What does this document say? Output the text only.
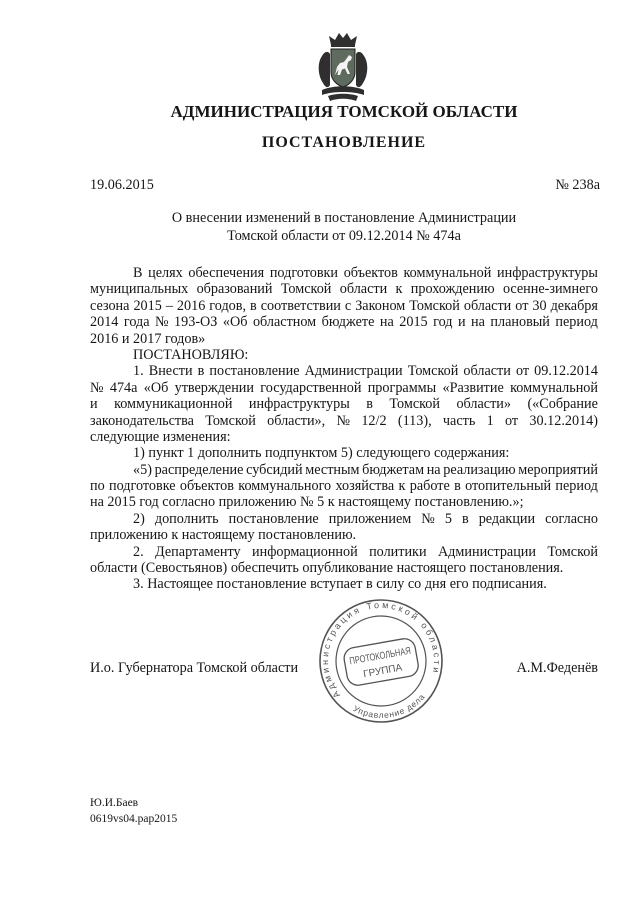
АДМИНИСТРАЦИЯ ТОМСКОЙ ОБЛАСТИ
ПОСТАНОВЛЕНИЕ
19.06.2015	№ 238а
О внесении изменений в постановление Администрации
Томской области от 09.12.2014 № 474а
В целях обеспечения подготовки объектов коммунальной инфраструктуры
муниципальных образований Томской области к прохождению осенне-зимнего
сезона 2015 – 2016 годов, в соответствии с Законом Томской области от 30 декабря
2014 года № 193-ОЗ «Об областном бюджете на 2015 год и на плановый период
2016 и 2017 годов»
ПОСТАНОВЛЯЮ:
1. Внести в постановление Администрации Томской области от 09.12.2014
№ 474а «Об утверждении государственной программы «Развитие коммунальной
и коммуникационной инфраструктуры в Томской области» («Собрание
законодательства Томской области», № 12/2 (113), часть 1 от 30.12.2014)
следующие изменения:
1) пункт 1 дополнить подпунктом 5) следующего содержания:
«5) распределение субсидий местным бюджетам на реализацию мероприятий
по подготовке объектов коммунального хозяйства к работе в отопительный период
на 2015 год согласно приложению № 5 к настоящему постановлению.»;
2) дополнить постановление приложением № 5 в редакции согласно
приложению к настоящему постановлению.
2. Департаменту информационной политики Администрации Томской
области (Севостьянов) обеспечить опубликование настоящего постановления.
3. Настоящее постановление вступает в силу со дня его подписания.
И.о. Губернатора Томской области	А.М.Феденёв
Администрация Томской области
Управление делами
ПРОТОКОЛЬНАЯ
ГРУППА
Ю.И.Баев
0619vs04.pap2015
